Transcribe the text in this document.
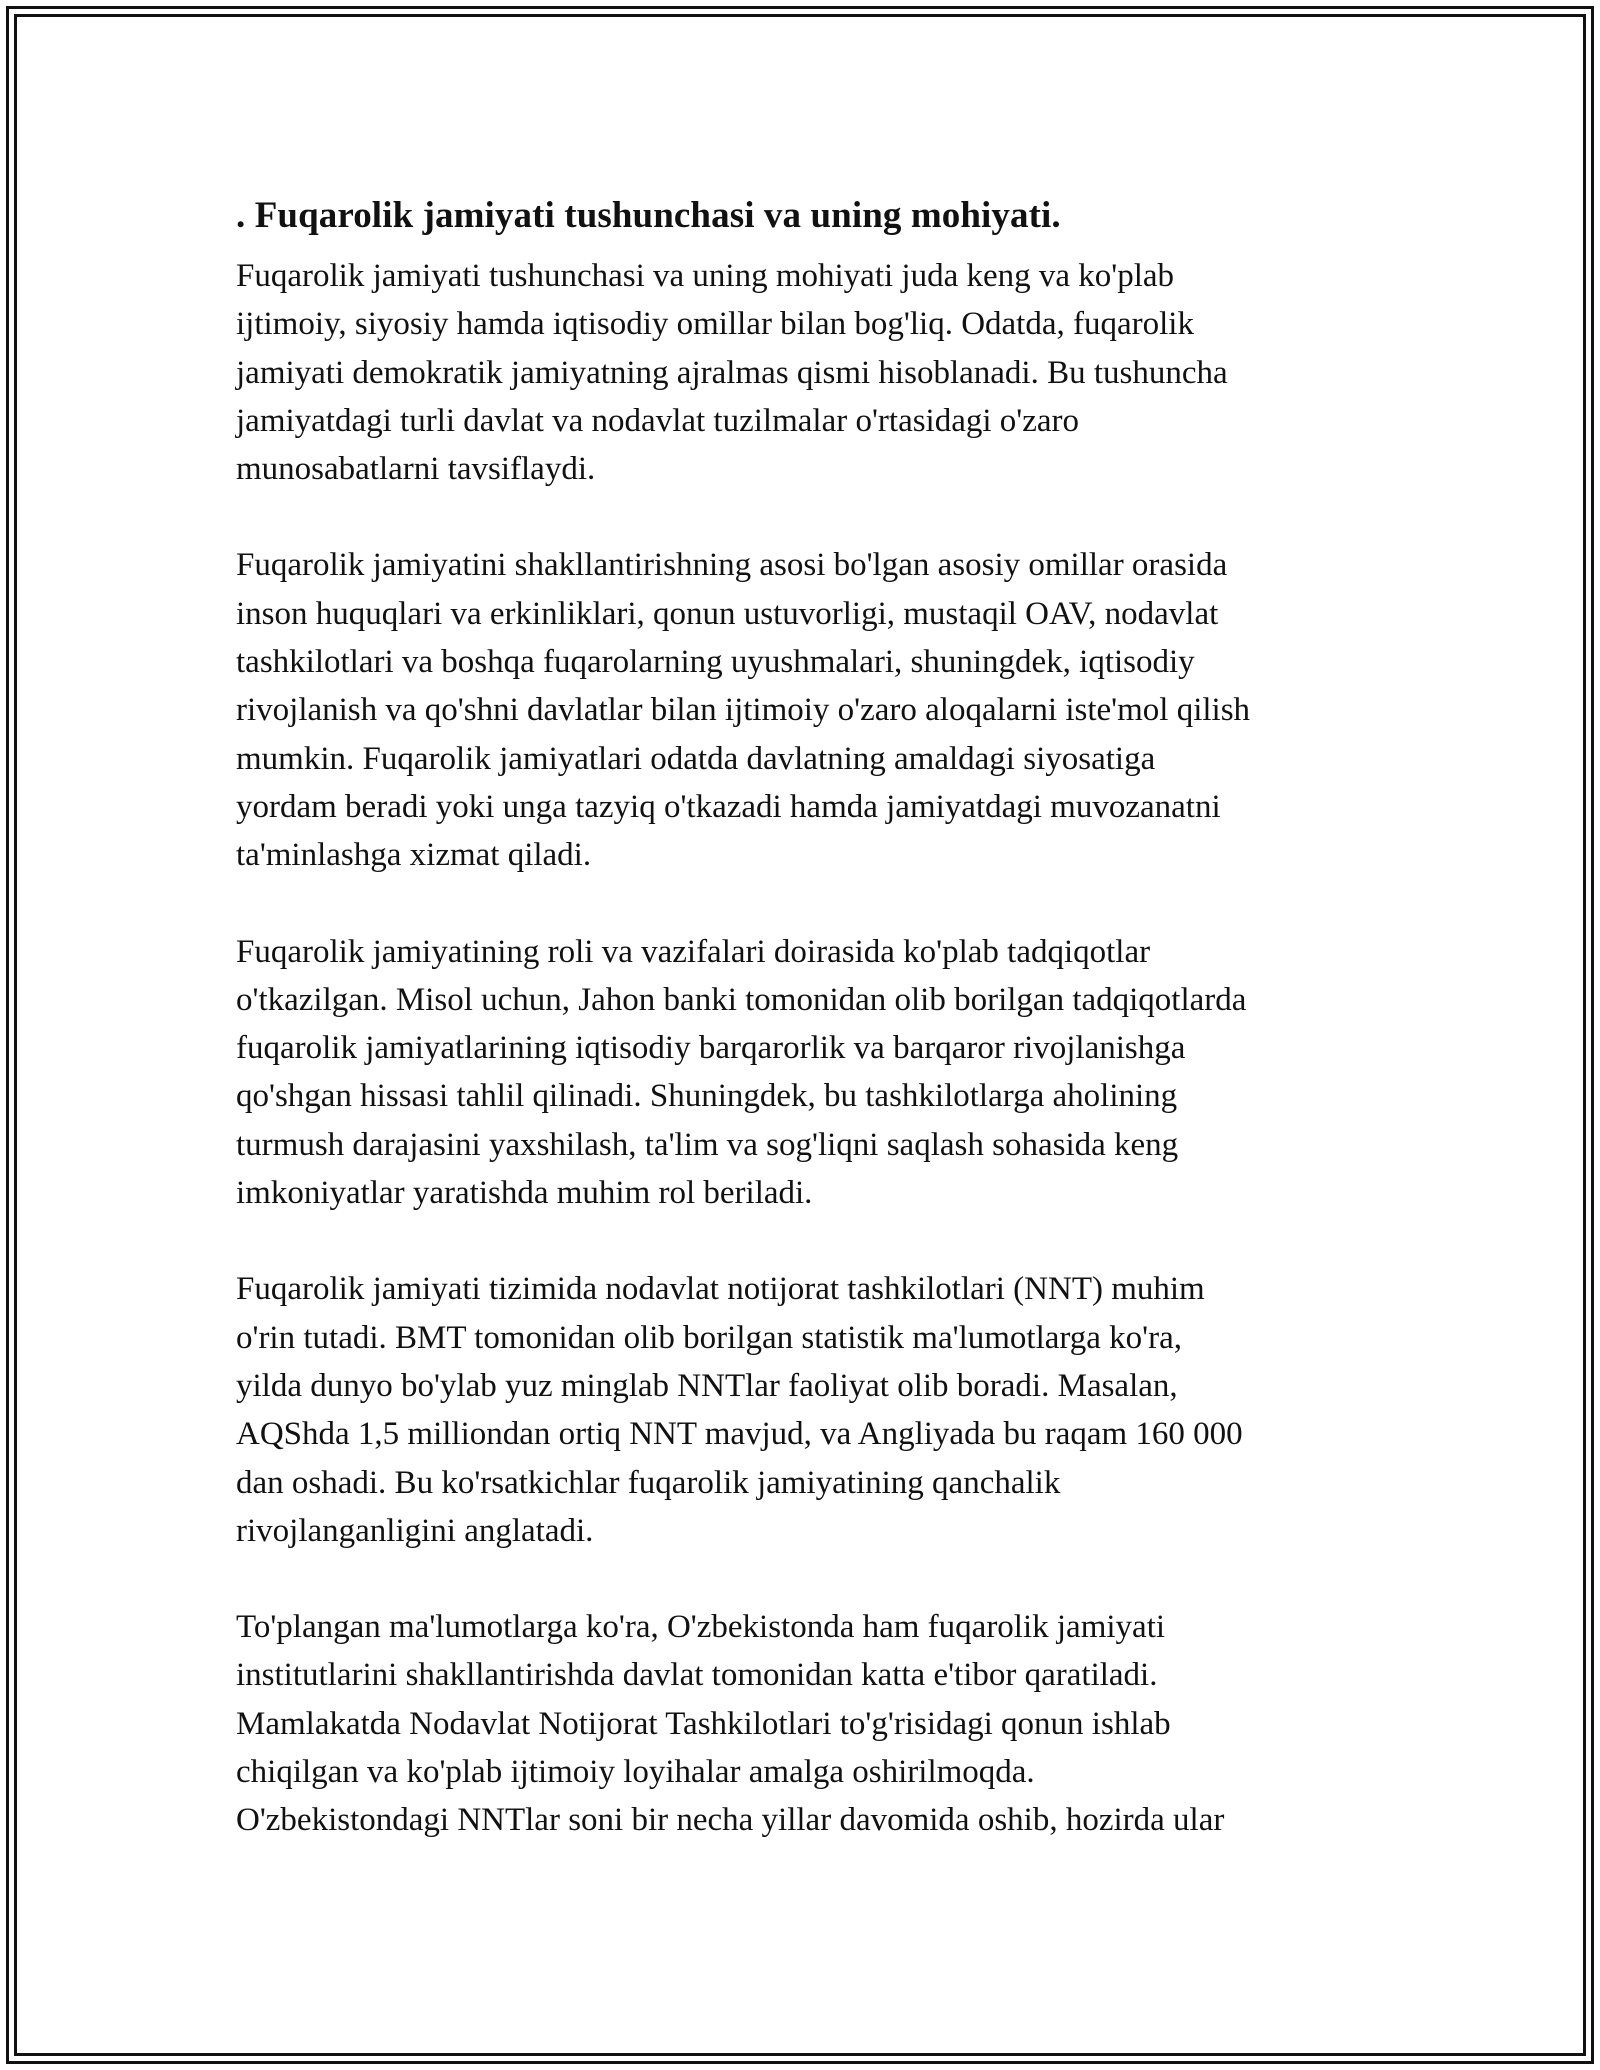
. Fuqarolik jamiyati tushunchasi va uning mohiyati.

Fuqarolik jamiyati tushunchasi va uning mohiyati juda keng va ko'plab
ijtimoiy, siyosiy hamda iqtisodiy omillar bilan bog'liq. Odatda, fuqarolik
jamiyati demokratik jamiyatning ajralmas qismi hisoblanadi. Bu tushuncha
jamiyatdagi turli davlat va nodavlat tuzilmalar o'rtasidagi o'zaro
munosabatlarni tavsiflaydi.

Fuqarolik jamiyatini shakllantirishning asosi bo'lgan asosiy omillar orasida
inson huquqlari va erkinliklari, qonun ustuvorligi, mustaqil OAV, nodavlat
tashkilotlari va boshqa fuqarolarning uyushmalari, shuningdek, iqtisodiy
rivojlanish va qo'shni davlatlar bilan ijtimoiy o'zaro aloqalarni iste'mol qilish
mumkin. Fuqarolik jamiyatlari odatda davlatning amaldagi siyosatiga
yordam beradi yoki unga tazyiq o'tkazadi hamda jamiyatdagi muvozanatni
ta'minlashga xizmat qiladi.

Fuqarolik jamiyatining roli va vazifalari doirasida ko'plab tadqiqotlar
o'tkazilgan. Misol uchun, Jahon banki tomonidan olib borilgan tadqiqotlarda
fuqarolik jamiyatlarining iqtisodiy barqarorlik va barqaror rivojlanishga
qo'shgan hissasi tahlil qilinadi. Shuningdek, bu tashkilotlarga aholining
turmush darajasini yaxshilash, ta'lim va sog'liqni saqlash sohasida keng
imkoniyatlar yaratishda muhim rol beriladi.

Fuqarolik jamiyati tizimida nodavlat notijorat tashkilotlari (NNT) muhim
o'rin tutadi. BMT tomonidan olib borilgan statistik ma'lumotlarga ko'ra,
yilda dunyo bo'ylab yuz minglab NNTlar faoliyat olib boradi. Masalan,
AQShda 1,5 milliondan ortiq NNT mavjud, va Angliyada bu raqam 160 000
dan oshadi. Bu ko'rsatkichlar fuqarolik jamiyatining qanchalik
rivojlanganligini anglatadi.

To'plangan ma'lumotlarga ko'ra, O'zbekistonda ham fuqarolik jamiyati
institutlarini shakllantirishda davlat tomonidan katta e'tibor qaratiladi.
Mamlakatda Nodavlat Notijorat Tashkilotlari to'g'risidagi qonun ishlab
chiqilgan va ko'plab ijtimoiy loyihalar amalga oshirilmoqda.
O'zbekistondagi NNTlar soni bir necha yillar davomida oshib, hozirda ular
